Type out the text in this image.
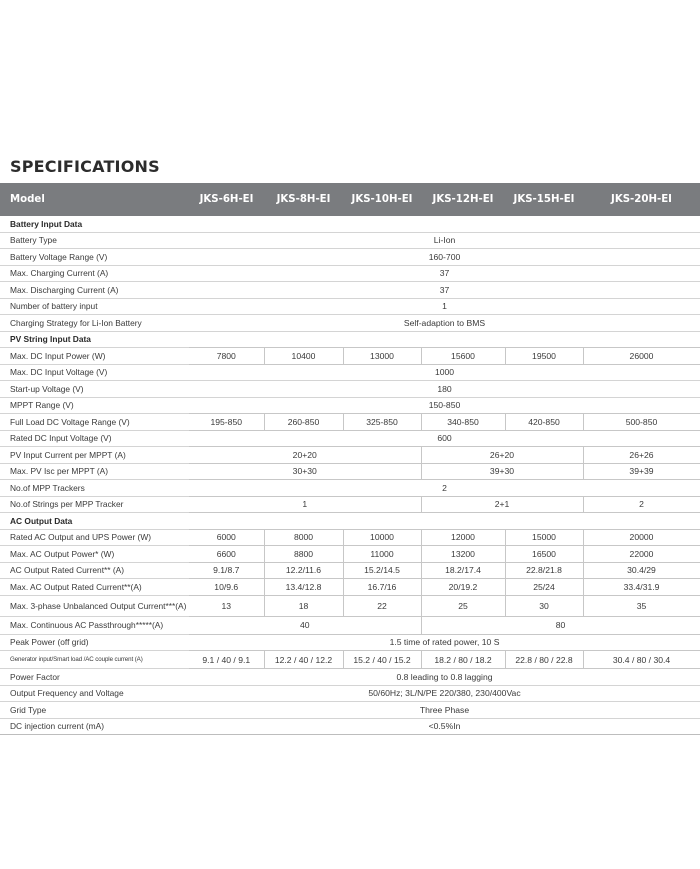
SPECIFICATIONS
Model	JKS-6H-EI	JKS-8H-EI	JKS-10H-EI	JKS-12H-EI	JKS-15H-EI	JKS-20H-EI
Battery Input Data						
Battery Type	Li-Ion					
Battery Voltage Range (V)	160-700					
Max. Charging Current (A)	37					
Max. Discharging Current (A)	37					
Number of battery input	1					
Charging Strategy for Li-Ion Battery	Self-adaption to BMS					
PV String Input Data						
Max. DC Input Power (W)	7800	10400	13000	15600	19500	26000
Max. DC Input Voltage (V)	1000					
Start-up Voltage (V)	180					
MPPT Range (V)	150-850					
Full Load DC Voltage Range (V)	195-850	260-850	325-850	340-850	420-850	500-850
Rated DC Input Voltage (V)	600					
PV Input Current per MPPT (A)	20+20			26+20		26+26
Max. PV Isc per MPPT (A)	30+30			39+30		39+39
No.of MPP Trackers	2					
No.of Strings per MPP Tracker	1			2+1		2
AC Output Data						
Rated AC Output and UPS Power (W)	6000	8000	10000	12000	15000	20000
Max. AC Output Power* (W)	6600	8800	11000	13200	16500	22000
AC Output Rated Current** (A)	9.1/8.7	12.2/11.6	15.2/14.5	18.2/17.4	22.8/21.8	30.4/29
Max. AC Output Rated Current**(A)	10/9.6	13.4/12.8	16.7/16	20/19.2	25/24	33.4/31.9
Max. 3-phase Unbalanced Output Current***(A)	13	18	22	25	30	35
Max. Continuous AC Passthrough*****(A)	40			80		
Peak Power (off grid)	1.5 time of rated power, 10 S					
Generator input/Smart load /AC couple current (A)	9.1 / 40 / 9.1	12.2 / 40 / 12.2	15.2 / 40 / 15.2	18.2 / 80 / 18.2	22.8 / 80 / 22.8	30.4 / 80 / 30.4
Power Factor	0.8 leading to 0.8 lagging					
Output Frequency and Voltage	50/60Hz; 3L/N/PE 220/380, 230/400Vac					
Grid Type	Three Phase					
DC injection current (mA)	<0.5%In					
